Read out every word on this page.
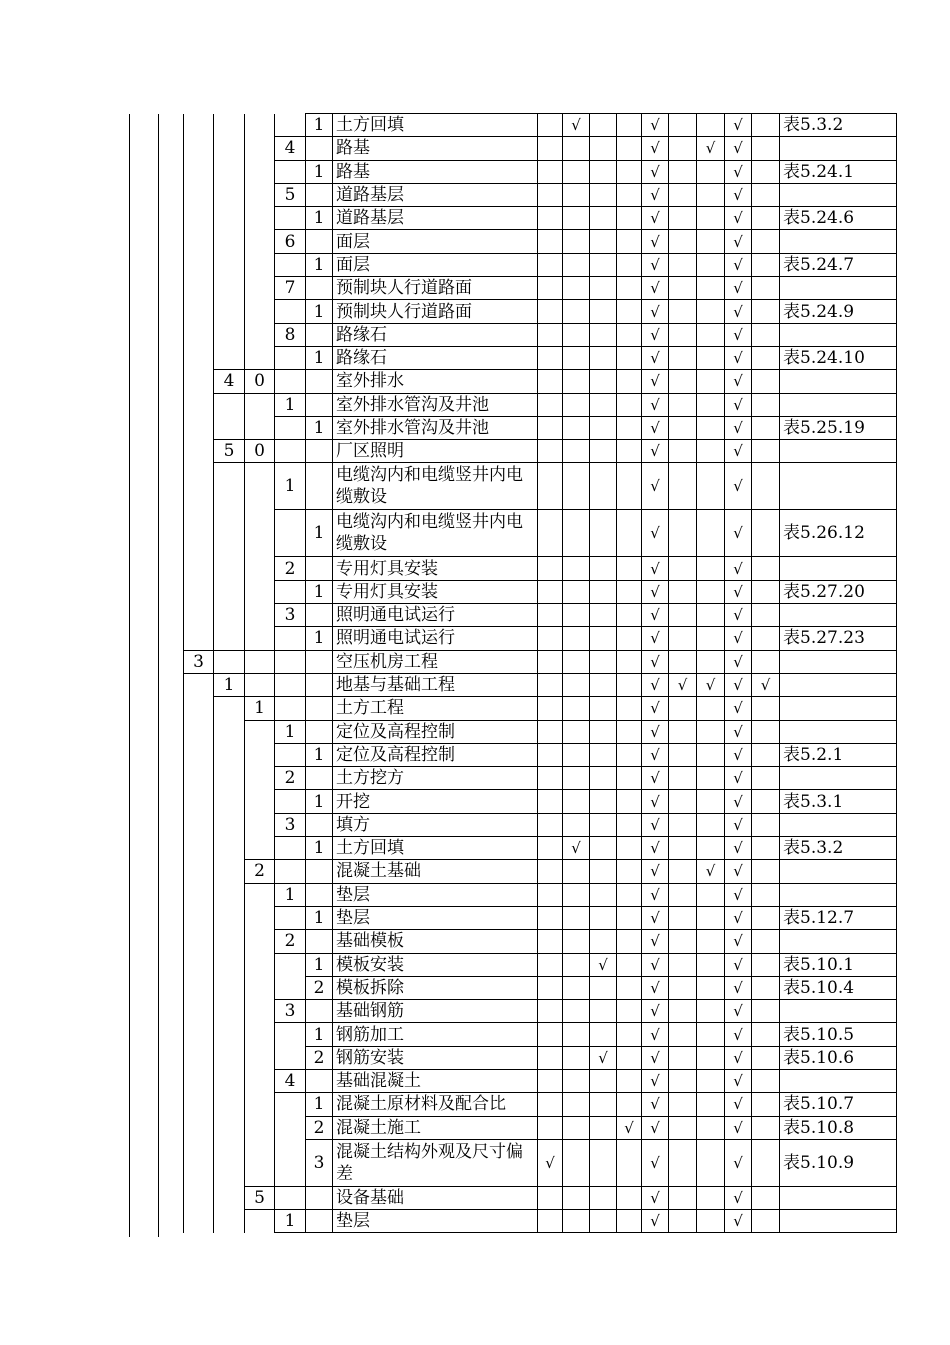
				1	土方回填		√			√			√		表5.3.2
			4		路基					√		√	√		
				1	路基					√			√		表5.24.1
			5		道路基层					√			√		
				1	道路基层					√			√		表5.24.6
			6		面层					√			√		
				1	面层					√			√		表5.24.7
			7		预制块人行道路面					√			√		
				1	预制块人行道路面					√			√		表5.24.9
			8		路缘石					√			√		
				1	路缘石					√			√		表5.24.10
	4	0			室外排水					√			√		
			1		室外排水管沟及井池					√			√		
				1	室外排水管沟及井池					√			√		表5.25.19
	5	0			厂区照明					√			√		
			1		电缆沟内和电缆竖井内电缆敷设					√			√		
				1	电缆沟内和电缆竖井内电缆敷设					√			√		表5.26.12
			2		专用灯具安装					√			√		
				1	专用灯具安装					√			√		表5.27.20
			3		照明通电试运行					√			√		
				1	照明通电试运行					√			√		表5.27.23
3					空压机房工程					√			√		
	1				地基与基础工程					√	√	√	√	√	
		1			土方工程					√			√		
			1		定位及高程控制					√			√		
				1	定位及高程控制					√			√		表5.2.1
			2		土方挖方					√			√		
				1	开挖					√			√		表5.3.1
			3		填方					√			√		
				1	土方回填		√			√			√		表5.3.2
		2			混凝土基础					√		√	√		
			1		垫层					√			√		
				1	垫层					√			√		表5.12.7
			2		基础模板					√			√		
				1	模板安装			√		√			√		表5.10.1
				2	模板拆除					√			√		表5.10.4
			3		基础钢筋					√			√		
				1	钢筋加工					√			√		表5.10.5
				2	钢筋安装			√		√			√		表5.10.6
			4		基础混凝土					√			√		
				1	混凝土原材料及配合比					√			√		表5.10.7
				2	混凝土施工				√	√			√		表5.10.8
				3	混凝土结构外观及尺寸偏差	√				√			√		表5.10.9
		5			设备基础					√			√		
			1		垫层					√			√		
